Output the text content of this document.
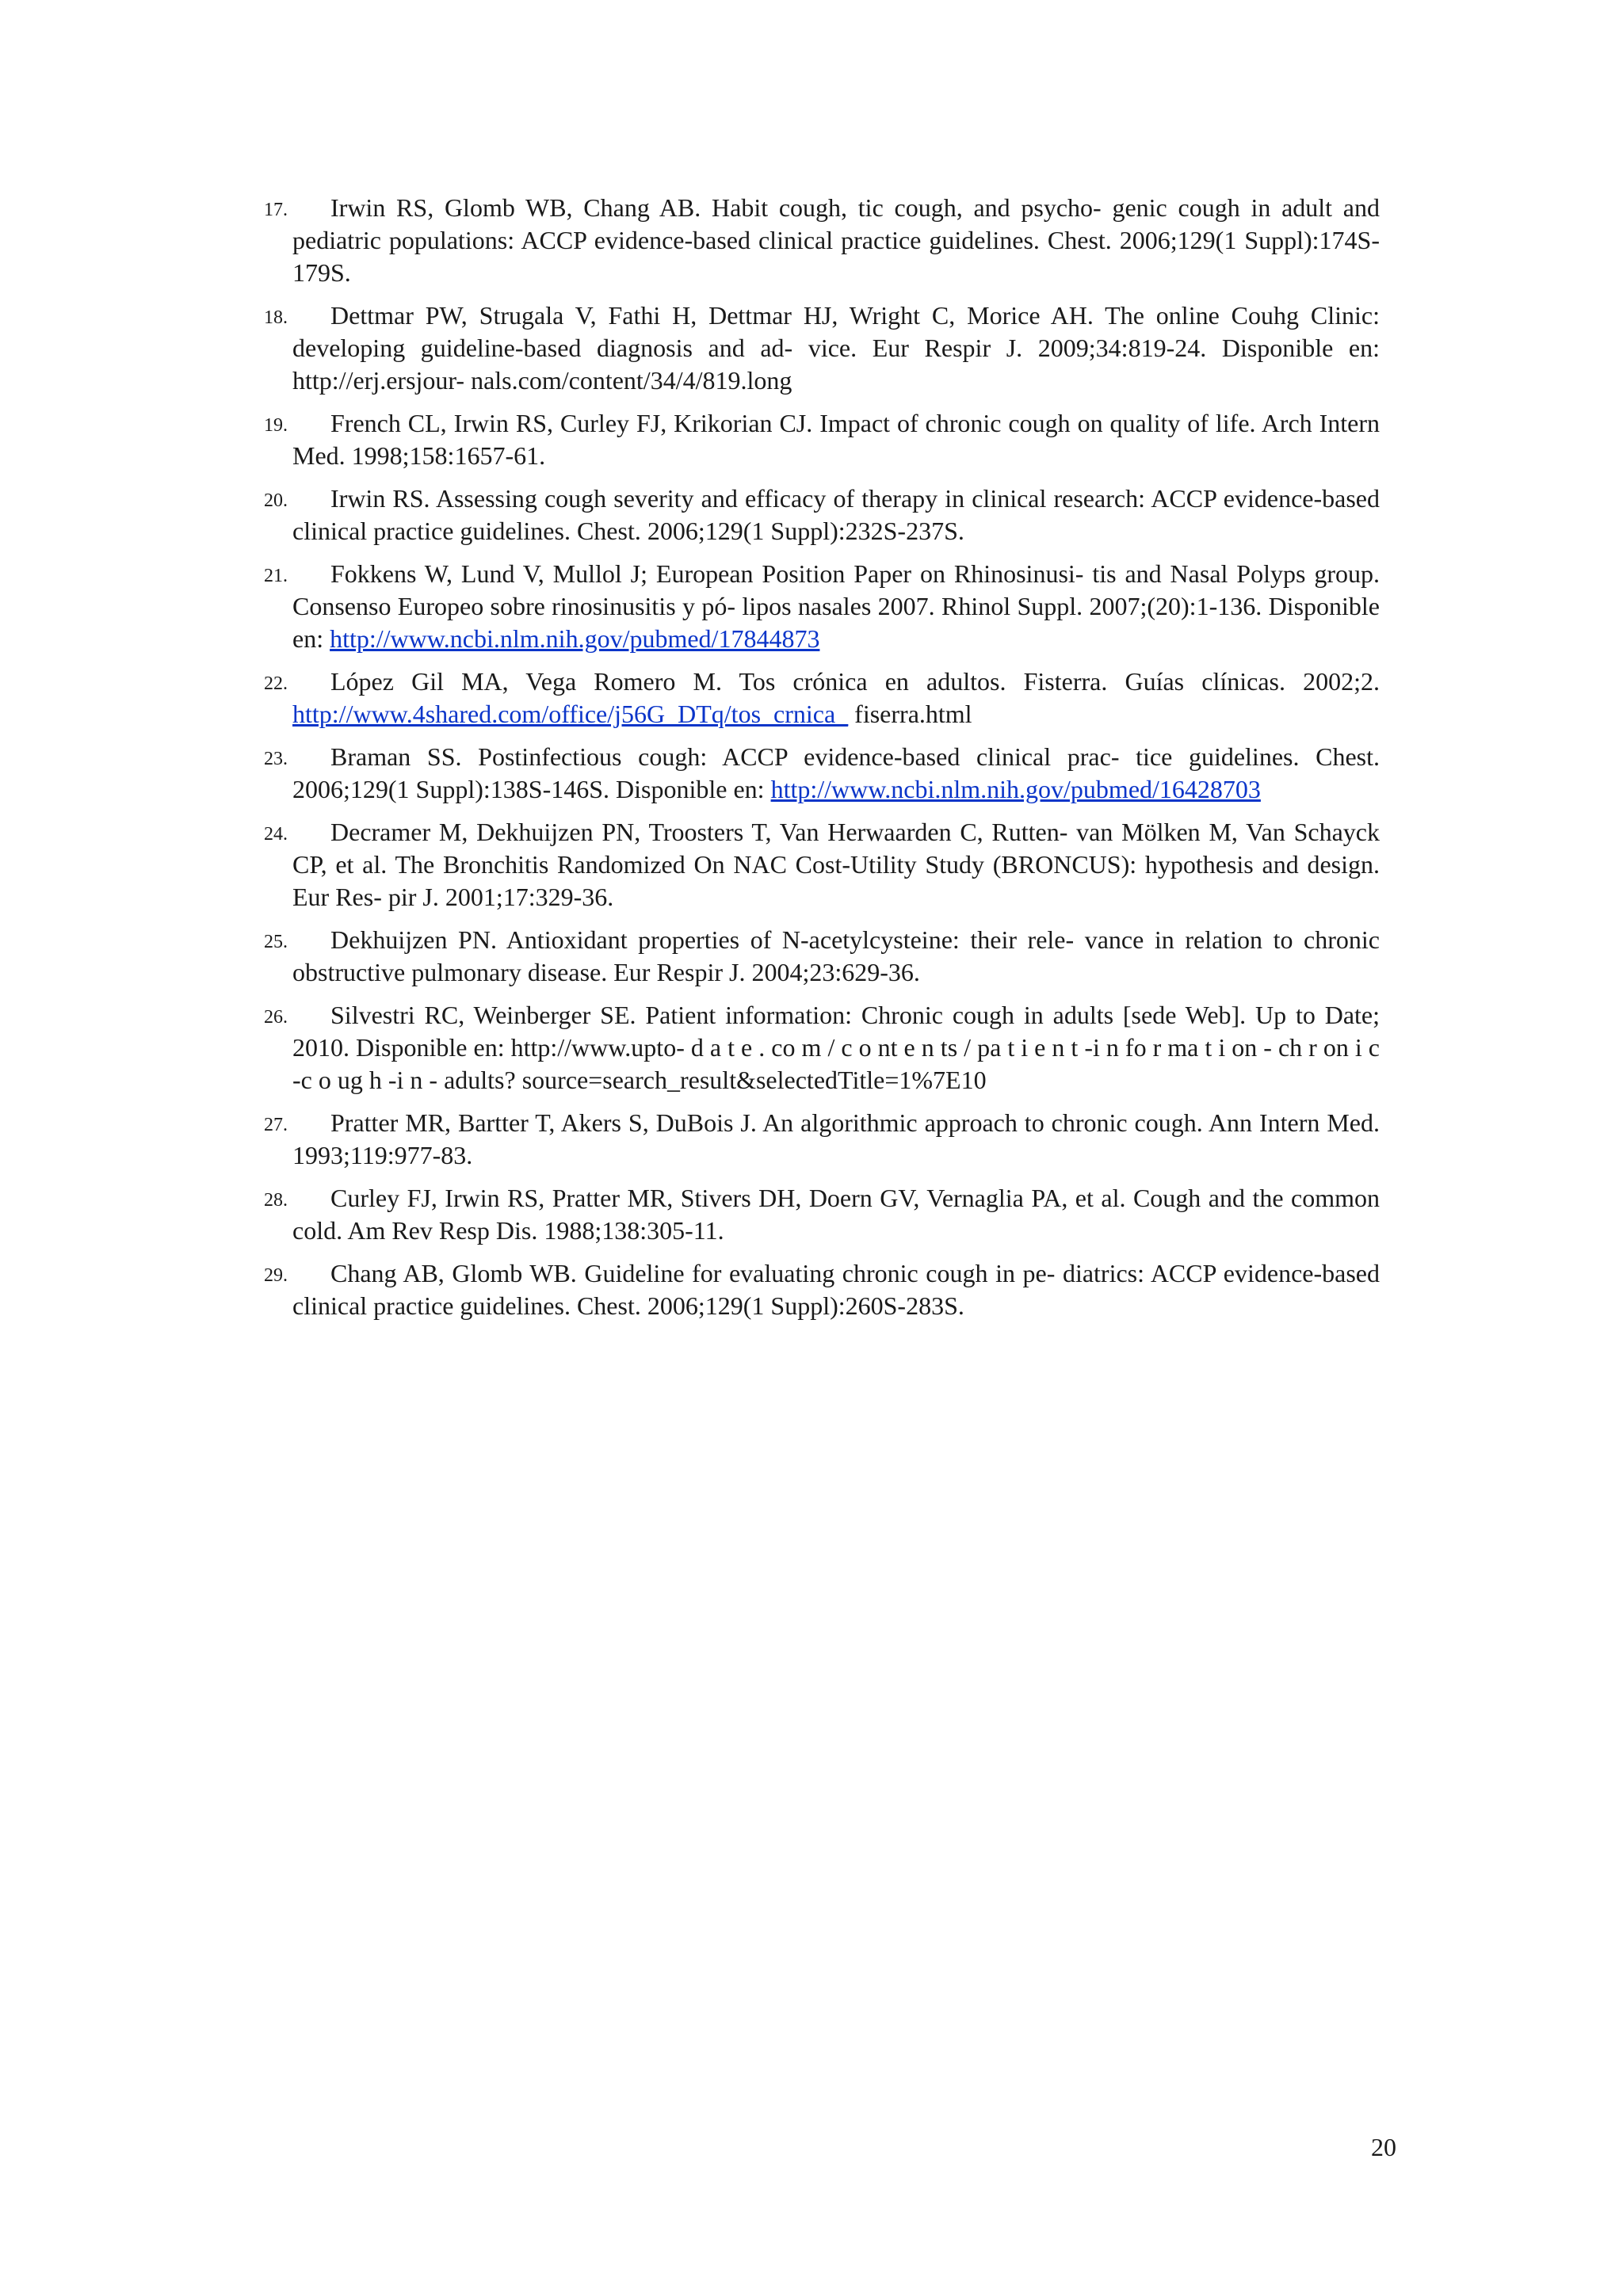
17.	Irwin RS, Glomb WB, Chang AB. Habit cough, tic cough, and psycho- genic cough in adult and pediatric populations: ACCP evidence-based clinical practice guidelines. Chest. 2006;129(1 Suppl):174S-179S.
18.	Dettmar PW, Strugala V, Fathi H, Dettmar HJ, Wright C, Morice AH. The online Couhg Clinic: developing guideline-based diagnosis and ad- vice. Eur Respir J. 2009;34:819-24. Disponible en: http://erj.ersjour- nals.com/content/34/4/819.long
19.	French CL, Irwin RS, Curley FJ, Krikorian CJ. Impact of chronic cough on quality of life. Arch Intern Med. 1998;158:1657-61.
20.	Irwin RS. Assessing cough severity and efficacy of therapy in clinical research: ACCP evidence-based clinical practice guidelines. Chest. 2006;129(1 Suppl):232S-237S.
21.	Fokkens W, Lund V, Mullol J; European Position Paper on Rhinosinusi- tis and Nasal Polyps group. Consenso Europeo sobre rinosinusitis y pó- lipos nasales 2007. Rhinol Suppl. 2007;(20):1-136. Disponible en: http://www.ncbi.nlm.nih.gov/pubmed/17844873
22.	López Gil MA, Vega Romero M. Tos crónica en adultos. Fisterra. Guías clínicas. 2002;2. http://www.4shared.com/office/j56G_DTq/tos_crnica_ fiserra.html
23.	Braman SS. Postinfectious cough: ACCP evidence-based clinical prac- tice guidelines. Chest. 2006;129(1 Suppl):138S-146S. Disponible en: http://www.ncbi.nlm.nih.gov/pubmed/16428703
24.	Decramer M, Dekhuijzen PN, Troosters T, Van Herwaarden C, Rutten- van Mölken M, Van Schayck CP, et al. The Bronchitis Randomized On NAC Cost-Utility Study (BRONCUS): hypothesis and design. Eur Res- pir J. 2001;17:329-36.
25.	Dekhuijzen PN. Antioxidant properties of N-acetylcysteine: their rele- vance in relation to chronic obstructive pulmonary disease. Eur Respir J. 2004;23:629-36.
26.	Silvestri RC, Weinberger SE. Patient information: Chronic cough in adults [sede Web]. Up to Date; 2010. Disponible en: http://www.upto- d a t e . co m / c o nt e n ts / pa t i e n t -i n fo r ma t i on - ch r on i c -c o ug h -i n - adults? source=search_result&selectedTitle=1%7E10
27.	Pratter MR, Bartter T, Akers S, DuBois J. An algorithmic approach to chronic cough. Ann Intern Med. 1993;119:977-83.
28.	Curley FJ, Irwin RS, Pratter MR, Stivers DH, Doern GV, Vernaglia PA, et al. Cough and the common cold. Am Rev Resp Dis. 1988;138:305-11.
29.	Chang AB, Glomb WB. Guideline for evaluating chronic cough in pe- diatrics: ACCP evidence-based clinical practice guidelines. Chest. 2006;129(1 Suppl):260S-283S.
20
